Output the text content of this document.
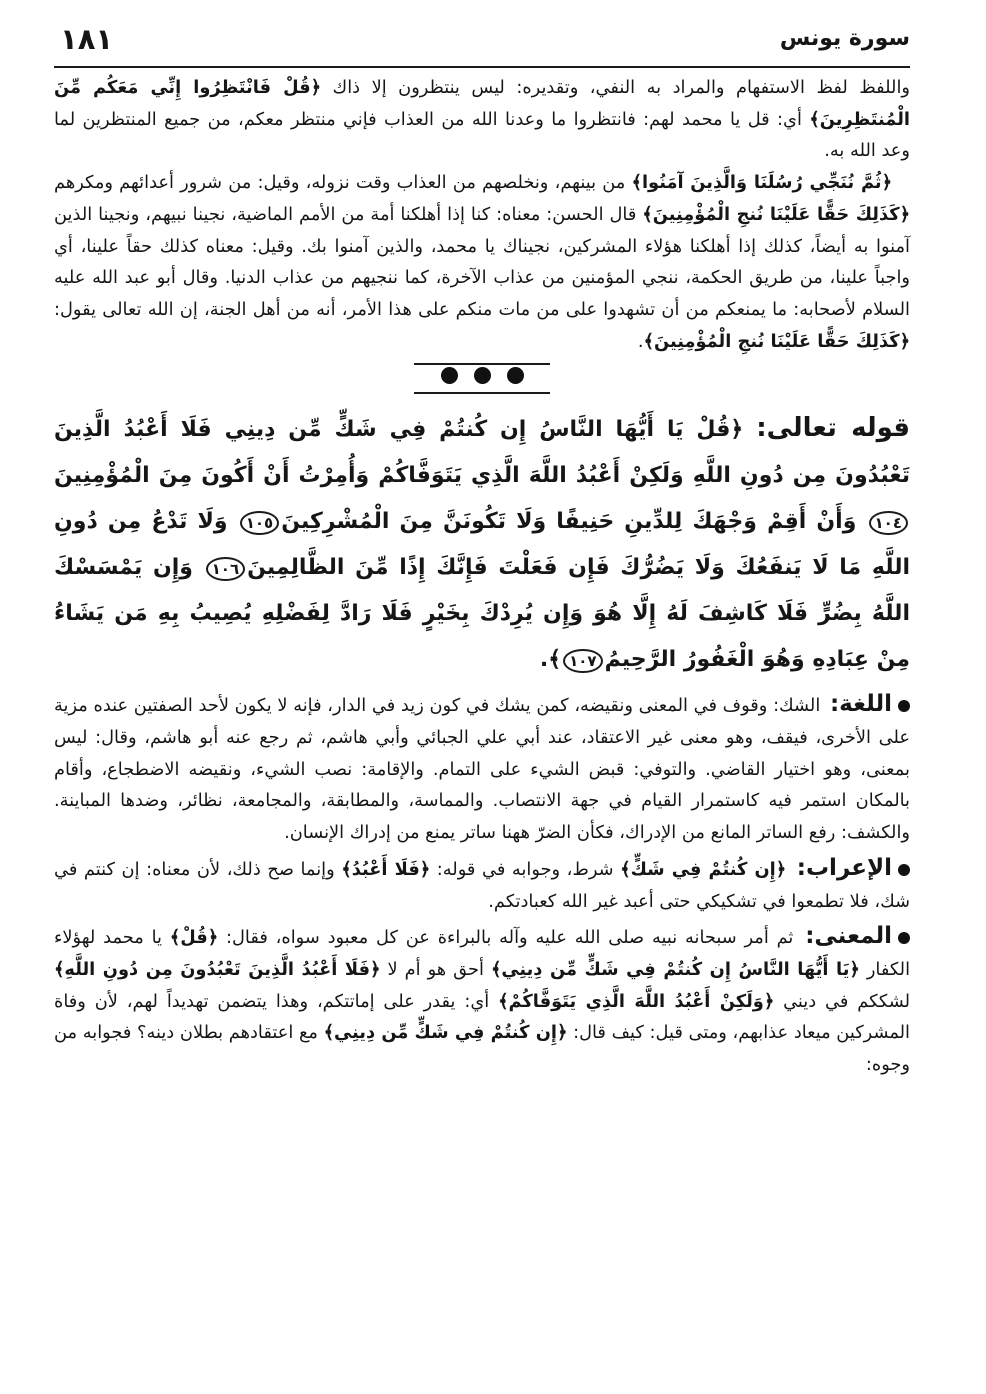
سورة يونس
١٨١

واللفظ لفظ الاستفهام والمراد به النفي، وتقديره: ليس ينتظرون إلا ذاك ﴿قُلْ فَانْتَظِرُوا إِنِّي مَعَكُم مِّنَ الْمُنتَظِرِينَ﴾ أي: قل يا محمد لهم: فانتظروا ما وعدنا الله من العذاب فإني منتظر معكم، من جميع المنتظرين لما وعد الله به.

﴿ثُمَّ نُنَجِّي رُسُلَنَا وَالَّذِينَ آمَنُوا﴾ من بينهم، ونخلصهم من العذاب وقت نزوله، وقيل: من شرور أعدائهم ومكرهم ﴿كَذَلِكَ حَقًّا عَلَيْنَا نُنجِ الْمُؤْمِنِينَ﴾ قال الحسن: معناه: كنا إذا أهلكنا أمة من الأمم الماضية، نجينا نبيهم، ونجينا الذين آمنوا به أيضاً، كذلك إذا أهلكنا هؤلاء المشركين، نجيناك يا محمد، والذين آمنوا بك. وقيل: معناه كذلك حقاً علينا، أي واجباً علينا، من طريق الحكمة، ننجي المؤمنين من عذاب الآخرة، كما ننجيهم من عذاب الدنيا. وقال أبو عبد الله عليه السلام لأصحابه: ما يمنعكم من أن تشهدوا على من مات منكم على هذا الأمر، أنه من أهل الجنة، إن الله تعالى يقول: ﴿كَذَلِكَ حَقًّا عَلَيْنَا نُنجِ الْمُؤْمِنِينَ﴾.

قوله تعالى: ﴿قُلْ يَا أَيُّهَا النَّاسُ إِن كُنتُمْ فِي شَكٍّ مِّن دِينِي فَلَا أَعْبُدُ الَّذِينَ تَعْبُدُونَ مِن دُونِ اللَّهِ وَلَكِنْ أَعْبُدُ اللَّهَ الَّذِي يَتَوَفَّاكُمْ وَأُمِرْتُ أَنْ أَكُونَ مِنَ الْمُؤْمِنِينَ١٠٤ وَأَنْ أَقِمْ وَجْهَكَ لِلدِّينِ حَنِيفًا وَلَا تَكُونَنَّ مِنَ الْمُشْرِكِينَ١٠٥ وَلَا تَدْعُ مِن دُونِ اللَّهِ مَا لَا يَنفَعُكَ وَلَا يَضُرُّكَ فَإِن فَعَلْتَ فَإِنَّكَ إِذًا مِّنَ الظَّالِمِينَ١٠٦ وَإِن يَمْسَسْكَ اللَّهُ بِضُرٍّ فَلَا كَاشِفَ لَهُ إِلَّا هُوَ وَإِن يُرِدْكَ بِخَيْرٍ فَلَا رَادَّ لِفَضْلِهِ يُصِيبُ بِهِ مَن يَشَاءُ مِنْ عِبَادِهِ وَهُوَ الْغَفُورُ الرَّحِيمُ١٠٧﴾.

اللغة: الشك: وقوف في المعنى ونقيضه، كمن يشك في كون زيد في الدار، فإنه لا يكون لأحد الصفتين عنده مزية على الأخرى، فيقف، وهو معنى غير الاعتقاد، عند أبي علي الجبائي وأبي هاشم، ثم رجع عنه أبو هاشم، وقال: ليس بمعنى، وهو اختيار القاضي. والتوفي: قبض الشيء على التمام. والإقامة: نصب الشيء، ونقيضه الاضطجاع، وأقام بالمكان استمر فيه كاستمرار القيام في جهة الانتصاب. والمماسة، والمطابقة، والمجامعة، نظائر، وضدها المباينة. والكشف: رفع الساتر المانع من الإدراك، فكأن الضرّ ههنا ساتر يمنع من إدراك الإنسان.

الإعراب: ﴿إِن كُنتُمْ فِي شَكٍّ﴾ شرط، وجوابه في قوله: ﴿فَلَا أَعْبُدُ﴾ وإنما صح ذلك، لأن معناه: إن كنتم في شك، فلا تطمعوا في تشكيكي حتى أعبد غير الله كعبادتكم.

المعنى: ثم أمر سبحانه نبيه صلى الله عليه وآله بالبراءة عن كل معبود سواه، فقال: ﴿قُلْ﴾ يا محمد لهؤلاء الكفار ﴿يَا أَيُّهَا النَّاسُ إِن كُنتُمْ فِي شَكٍّ مِّن دِينِي﴾ أحق هو أم لا ﴿فَلَا أَعْبُدُ الَّذِينَ تَعْبُدُونَ مِن دُونِ اللَّهِ﴾ لشككم في ديني ﴿وَلَكِنْ أَعْبُدُ اللَّهَ الَّذِي يَتَوَفَّاكُمْ﴾ أي: يقدر على إماتتكم، وهذا يتضمن تهديداً لهم، لأن وفاة المشركين ميعاد عذابهم، ومتى قيل: كيف قال: ﴿إِن كُنتُمْ فِي شَكٍّ مِّن دِينِي﴾ مع اعتقادهم بطلان دينه؟ فجوابه من وجوه:
